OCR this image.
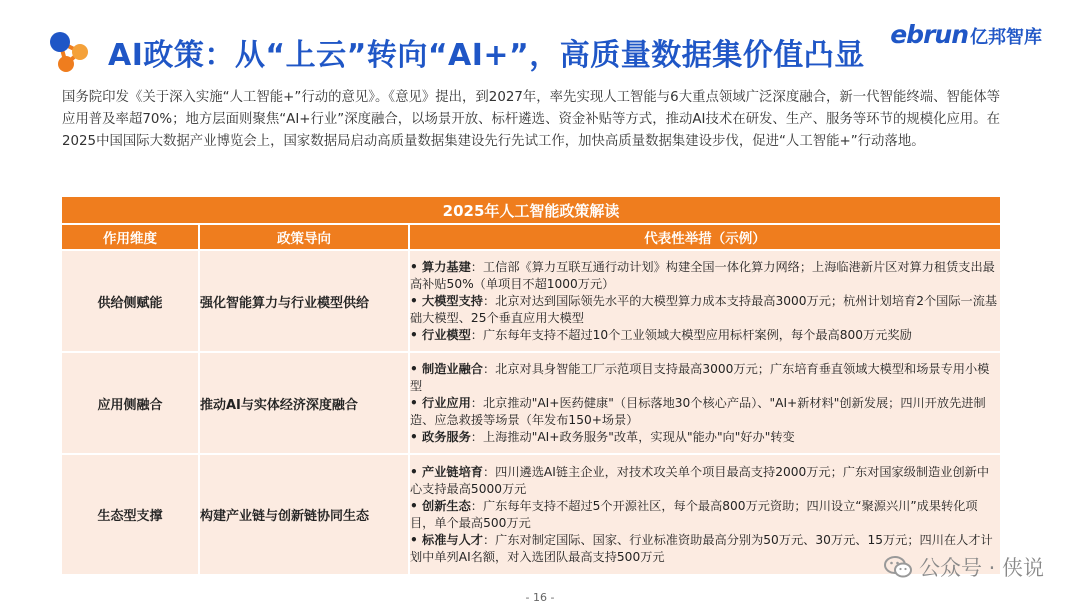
AI政策：从“上云”转向“AI+”，高质量数据集价值凸显
ebrun 亿邦智库
国务院印发《关于深入实施“人工智能+”行动的意见》。《意见》提出，到2027年，率先实现人工智能与6大重点领域广泛深度融合，新一代智能终端、智能体等应用普及率超70%；地方层面则聚焦“AI+行业”深度融合，以场景开放、标杆遴选、资金补贴等方式，推动AI技术在研发、生产、服务等环节的规模化应用。在2025中国国际大数据产业博览会上，国家数据局启动高质量数据集建设先行先试工作，加快高质量数据集建设步伐，促进“人工智能+”行动落地。
2025年人工智能政策解读		
作用维度	政策导向	代表性举措（示例）
供给侧赋能	强化智能算力与行业模型供给	• 算力基建：工信部《算力互联互通行动计划》构建全国一体化算力网络；上海临港新片区对算力租赁支出最高补贴50%（单项目不超1000万元）
• 大模型支持：北京对达到国际领先水平的大模型算力成本支持最高3000万元；杭州计划培育2个国际一流基础大模型、25个垂直应用大模型
• 行业模型：广东每年支持不超过10个工业领域大模型应用标杆案例，每个最高800万元奖励

应用侧融合	推动AI与实体经济深度融合	• 制造业融合：北京对具身智能工厂示范项目支持最高3000万元；广东培育垂直领域大模型和场景专用小模型
• 行业应用：北京推动"AI+医药健康"（目标落地30个核心产品）、"AI+新材料"创新发展；四川开放先进制造、应急救援等场景（年发布150+场景）
• 政务服务：上海推动"AI+政务服务"改革，实现从"能办"向"好办"转变

生态型支撑	构建产业链与创新链协同生态	• 产业链培育：四川遴选AI链主企业，对技术攻关单个项目最高支持2000万元；广东对国家级制造业创新中心支持最高5000万元
• 创新生态：广东每年支持不超过5个开源社区，每个最高800万元资助；四川设立“聚源兴川”成果转化项目，单个最高500万元
• 标准与人才：广东对制定国际、国家、行业标准资助最高分别为50万元、30万元、15万元；四川在人才计划中单列AI名额，对入选团队最高支持500万元	公众号 · 侠说
- 16 -
